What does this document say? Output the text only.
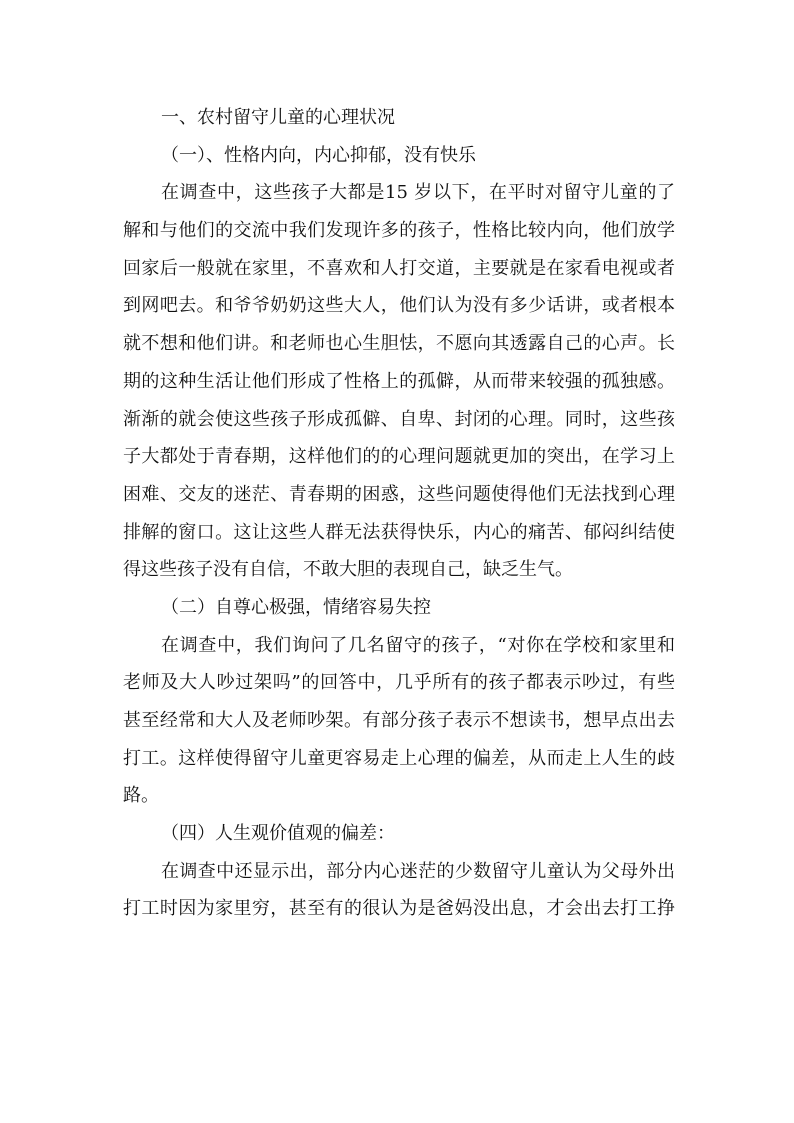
一、农村留守儿童的心理状况
（一）、性格内向，内心抑郁，没有快乐
在调查中，这些孩子大都是15 岁以下，在平时对留守儿童的了
解和与他们的交流中我们发现许多的孩子，性格比较内向，他们放学
回家后一般就在家里，不喜欢和人打交道，主要就是在家看电视或者
到网吧去。和爷爷奶奶这些大人，他们认为没有多少话讲，或者根本
就不想和他们讲。和老师也心生胆怯，不愿向其透露自己的心声。长
期的这种生活让他们形成了性格上的孤僻，从而带来较强的孤独感。
渐渐的就会使这些孩子形成孤僻、自卑、封闭的心理。同时，这些孩
子大都处于青春期，这样他们的的心理问题就更加的突出，在学习上
困难、交友的迷茫、青春期的困惑，这些问题使得他们无法找到心理
排解的窗口。这让这些人群无法获得快乐，内心的痛苦、郁闷纠结使
得这些孩子没有自信，不敢大胆的表现自己，缺乏生气。
（二）自尊心极强，情绪容易失控
在调查中，我们询问了几名留守的孩子，“对你在学校和家里和
老师及大人吵过架吗”的回答中，几乎所有的孩子都表示吵过，有些
甚至经常和大人及老师吵架。有部分孩子表示不想读书，想早点出去
打工。这样使得留守儿童更容易走上心理的偏差，从而走上人生的歧
路。
（四）人生观价值观的偏差：
在调查中还显示出，部分内心迷茫的少数留守儿童认为父母外出
打工时因为家里穷，甚至有的很认为是爸妈没出息，才会出去打工挣
